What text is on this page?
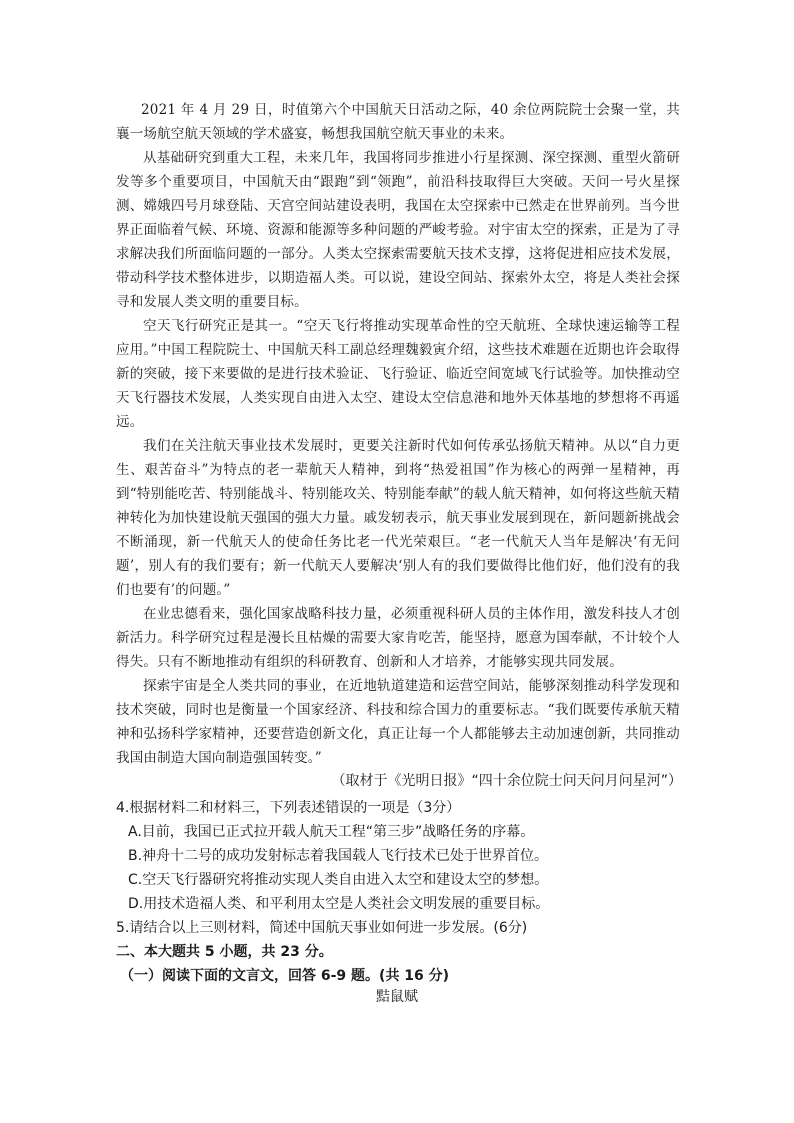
2021 年 4 月 29 日，时值第六个中国航天日活动之际，40 余位两院院士会聚一堂，共襄一场航空航天领域的学术盛宴，畅想我国航空航天事业的未来。

从基础研究到重大工程，未来几年，我国将同步推进小行星探测、深空探测、重型火箭研发等多个重要项目，中国航天由“跟跑”到“领跑”，前沿科技取得巨大突破。天问一号火星探测、嫦娥四号月球登陆、天宫空间站建设表明，我国在太空探索中已然走在世界前列。当今世界正面临着气候、环境、资源和能源等多种问题的严峻考验。对宇宙太空的探索，正是为了寻求解决我们所面临问题的一部分。人类太空探索需要航天技术支撑，这将促进相应技术发展，带动科学技术整体进步，以期造福人类。可以说，建设空间站、探索外太空，将是人类社会探寻和发展人类文明的重要目标。

空天飞行研究正是其一。“空天飞行将推动实现革命性的空天航班、全球快速运输等工程应用。”中国工程院院士、中国航天科工副总经理魏毅寅介绍，这些技术难题在近期也许会取得新的突破，接下来要做的是进行技术验证、飞行验证、临近空间宽域飞行试验等。加快推动空天飞行器技术发展，人类实现自由进入太空、建设太空信息港和地外天体基地的梦想将不再遥远。

我们在关注航天事业技术发展时，更要关注新时代如何传承弘扬航天精神。从以“自力更生、艰苦奋斗”为特点的老一辈航天人精神，到将“热爱祖国”作为核心的两弹一星精神，再到“特别能吃苦、特别能战斗、特别能攻关、特别能奉献”的载人航天精神，如何将这些航天精神转化为加快建设航天强国的强大力量。戚发轫表示，航天事业发展到现在，新问题新挑战会不断涌现，新一代航天人的使命任务比老一代光荣艰巨。“老一代航天人当年是解决‘有无问题’，别人有的我们要有；新一代航天人要解决‘别人有的我们要做得比他们好，他们没有的我们也要有’的问题。”

在业忠德看来，强化国家战略科技力量，必须重视科研人员的主体作用，激发科技人才创新活力。科学研究过程是漫长且枯燥的需要大家肯吃苦，能坚持，愿意为国奉献，不计较个人得失。只有不断地推动有组织的科研教育、创新和人才培养，才能够实现共同发展。

探索宇宙是全人类共同的事业，在近地轨道建造和运营空间站，能够深刻推动科学发现和技术突破，同时也是衡量一个国家经济、科技和综合国力的重要标志。“我们既要传承航天精神和弘扬科学家精神，还要营造创新文化，真正让每一个人都能够去主动加速创新，共同推动我国由制造大国向制造强国转变。”

（取材于《光明日报》“四十余位院士问天问月问星河”）
4.根据材料二和材料三，下列表述错误的一项是（3分）
A.目前，我国已正式拉开载人航天工程“第三步”战略任务的序幕。
B.神舟十二号的成功发射标志着我国载人飞行技术已处于世界首位。
C.空天飞行器研究将推动实现人类自由进入太空和建设太空的梦想。
D.用技术造福人类、和平利用太空是人类社会文明发展的重要目标。
5.请结合以上三则材料，简述中国航天事业如何进一步发展。(6分)
二、本大题共 5 小题，共 23 分。
（一）阅读下面的文言文，回答 6-9 题。(共 16 分)
黠鼠赋
